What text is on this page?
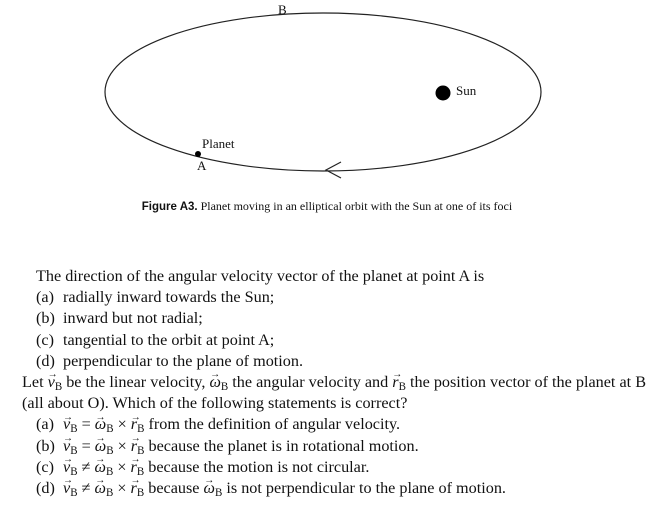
B
Sun
Planet
A
Figure A3. Planet moving in an elliptical orbit with the Sun at one of its foci

The direction of the angular velocity vector of the planet at point A is

(a) radially inward towards the Sun;
(b) inward but not radial;
(c) tangential to the orbit at point A;
(d) perpendicular to the plane of motion.

Let → $v_B$ be the linear velocity, → $\omega_B$ the angular velocity and → $r_B$ the position vector of the planet at B (all about O). Which of the following statements is correct?

$(a) \to v_B$ = → $\omega_B$ × → $r_B$ from the definition of angular velocity.
$(b) \to v_B$ = → $\omega_B$ × → $r_B$ because the planet is in rotational motion.
$(c) \to v_B$ ≠ → $\omega_B$ × → $r_B$ because the motion is not circular.
$(d) \to v_B$ ≠ → $\omega_B$ × → $r_B$ because → $\omega_B$ is not perpendicular to the plane of motion.
